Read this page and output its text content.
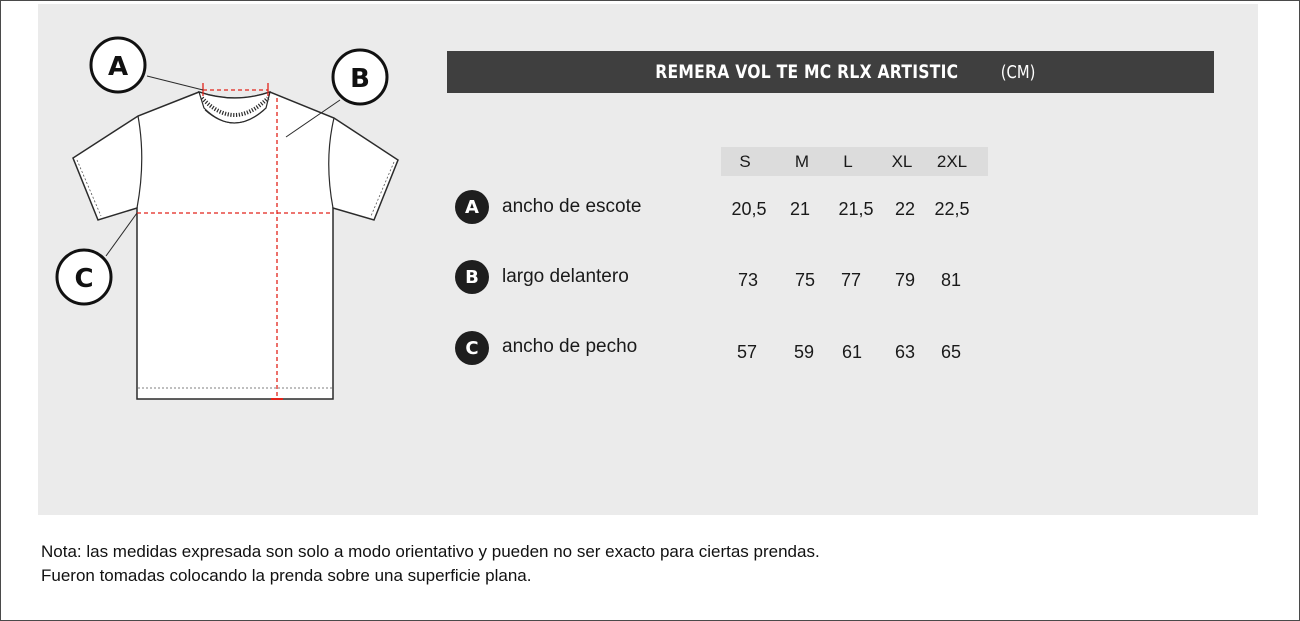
A	B
C
REMERA VOL TE MC RLX ARTISTIC (CM)
S	M	L	XL	2XL
A	ancho de escote	20,5	21	21,5	22	22,5
B	largo delantero	73	75	77	79	81
C	ancho de pecho	57	59	61	63	65
Nota: las medidas expresada son solo a modo orientativo y pueden no ser exacto para ciertas prendas.
Fueron tomadas colocando la prenda sobre una superficie plana.
